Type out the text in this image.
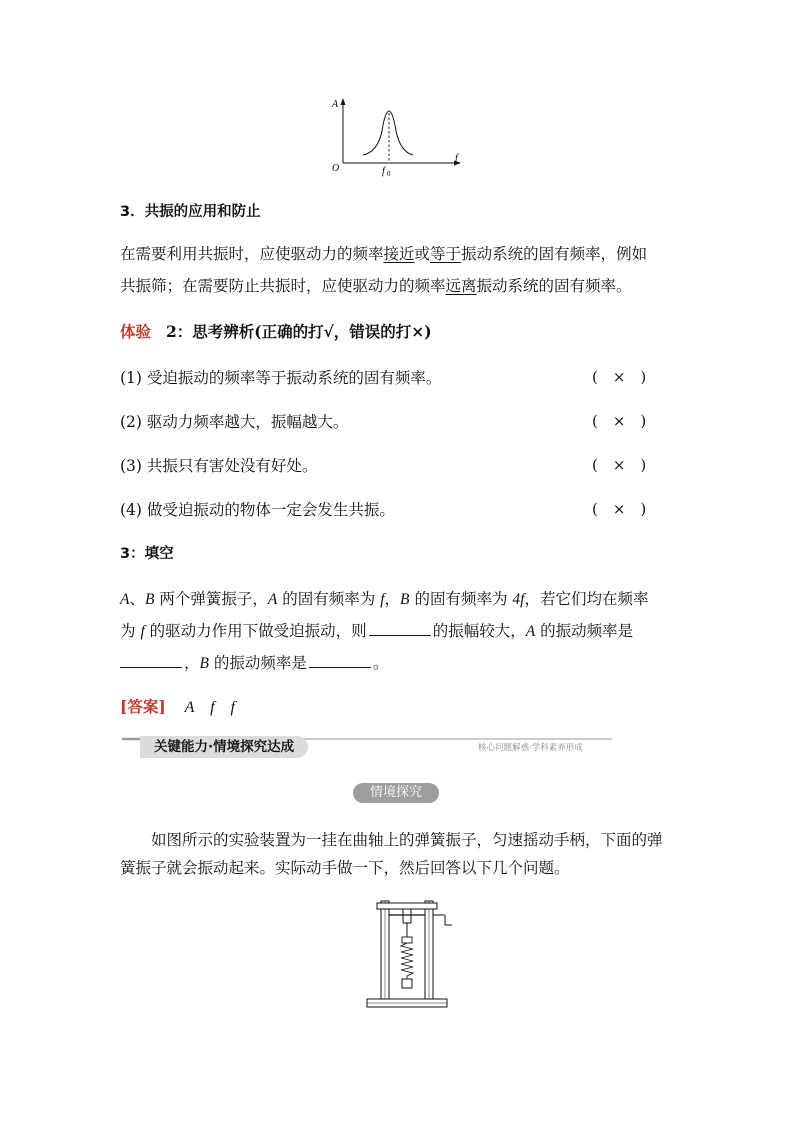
A
O
f
f 0
3．共振的应用和防止
在需要利用共振时，应使驱动力的频率接近或等于振动系统的固有频率，例如
共振筛；在需要防止共振时，应使驱动力的频率远离振动系统的固有频率。
体验 2：思考辨析(正确的打√，错误的打×)
(1) 受迫振动的频率等于振动系统的固有频率。	(　×　)
(2) 驱动力频率越大，振幅越大。	(　×　)
(3) 共振只有害处没有好处。	(　×　)
(4) 做受迫振动的物体一定会发生共振。	(　×　)
3：填空
A、B 两个弹簧振子，A 的固有频率为 f，B 的固有频率为 4f，若它们均在频率
为 f 的驱动力作用下做受迫振动，则	的振幅较大，A 的振动频率是
，B 的振动频率是	。
[答案] A　f　f
关键能力·情境探究达成	核心问题解惑·学科素养形成
情境探究
　　如图所示的实验装置为一挂在曲轴上的弹簧振子，匀速摇动手柄，下面的弹
簧振子就会振动起来。实际动手做一下，然后回答以下几个问题。
